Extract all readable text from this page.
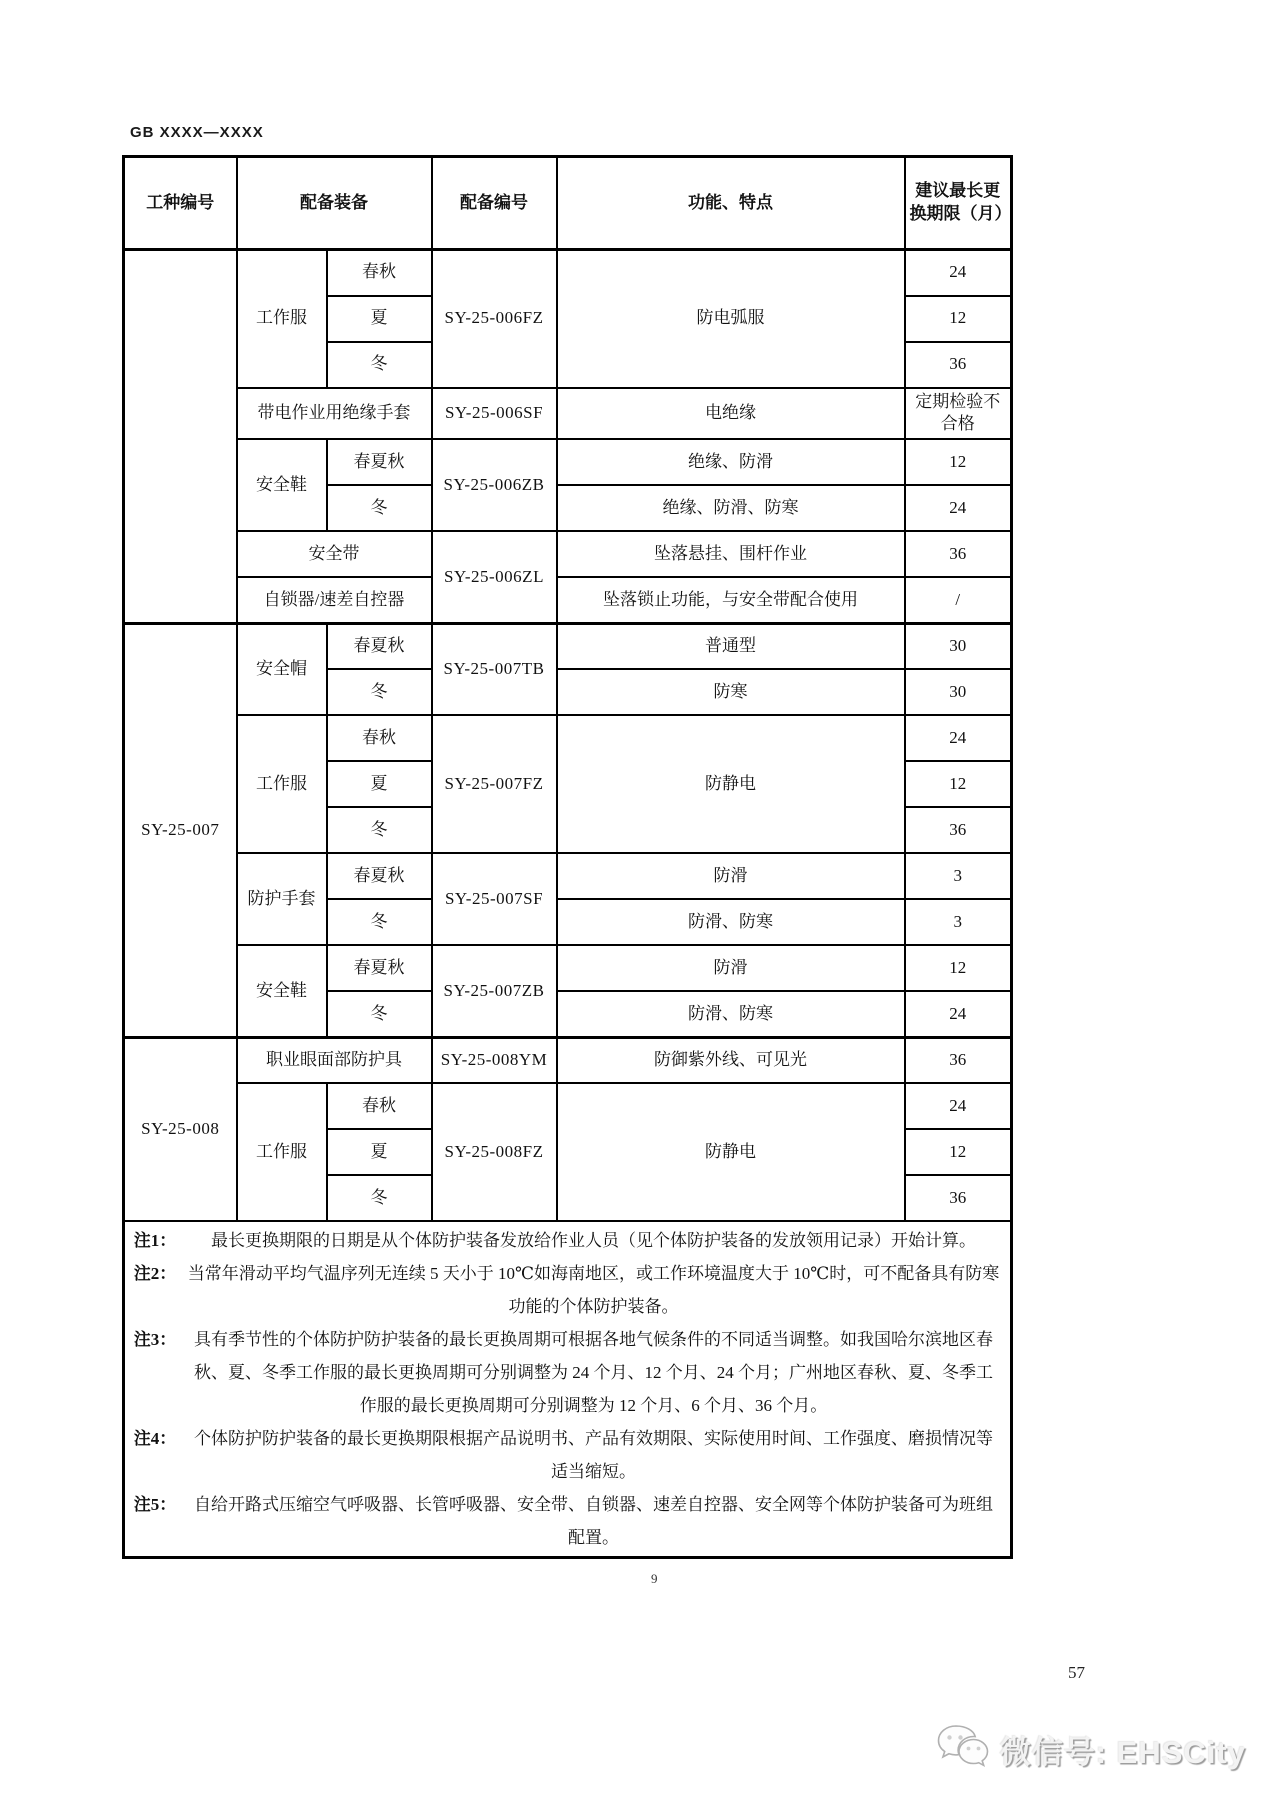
GB XXXX—XXXX
工种编号	配备装备		配备编号	功能、特点	建议最长更换期限（月）
	工作服	春秋	SY-25-006FZ	防电弧服	24
		夏			12
		冬			36
	带电作业用绝缘手套		SY-25-006SF	电绝缘	定期检验不合格
	安全鞋	春夏秋	SY-25-006ZB	绝缘、防滑	12
		冬		绝缘、防滑、防寒	24
	安全带		SY-25-006ZL	坠落悬挂、围杆作业	36
	自锁器/速差自控器			坠落锁止功能，与安全带配合使用	/
SY-25-007	安全帽	春夏秋	SY-25-007TB	普通型	30
		冬		防寒	30
	工作服	春秋	SY-25-007FZ	防静电	24
		夏			12
		冬			36
	防护手套	春夏秋	SY-25-007SF	防滑	3
		冬		防滑、防寒	3
	安全鞋	春夏秋	SY-25-007ZB	防滑	12
		冬		防滑、防寒	24
SY-25-008	职业眼面部防护具		SY-25-008YM	防御紫外线、可见光	36
	工作服	春秋	SY-25-008FZ	防静电	24
		夏			12
		冬			36

注1：	最长更换期限的日期是从个体防护装备发放给作业人员（见个体防护装备的发放领用记录）开始计算。
注2： 当常年滑动平均气温序列无连续 5 天小于 10℃如海南地区，或工作环境温度大于 10℃时，可不配备具有防寒
功能的个体防护装备。
注3：	具有季节性的个体防护防护装备的最长更换周期可根据各地气候条件的不同适当调整。如我国哈尔滨地区春
秋、夏、冬季工作服的最长更换周期可分别调整为 24 个月、12 个月、24 个月；广州地区春秋、夏、冬季工
作服的最长更换周期可分别调整为 12 个月、6 个月、36 个月。
注4：	个体防护防护装备的最长更换期限根据产品说明书、产品有效期限、实际使用时间、工作强度、磨损情况等
适当缩短。
注5：	自给开路式压缩空气呼吸器、长管呼吸器、安全带、自锁器、速差自控器、安全网等个体防护装备可为班组
配置。
9
57
微信号: EHSCity
